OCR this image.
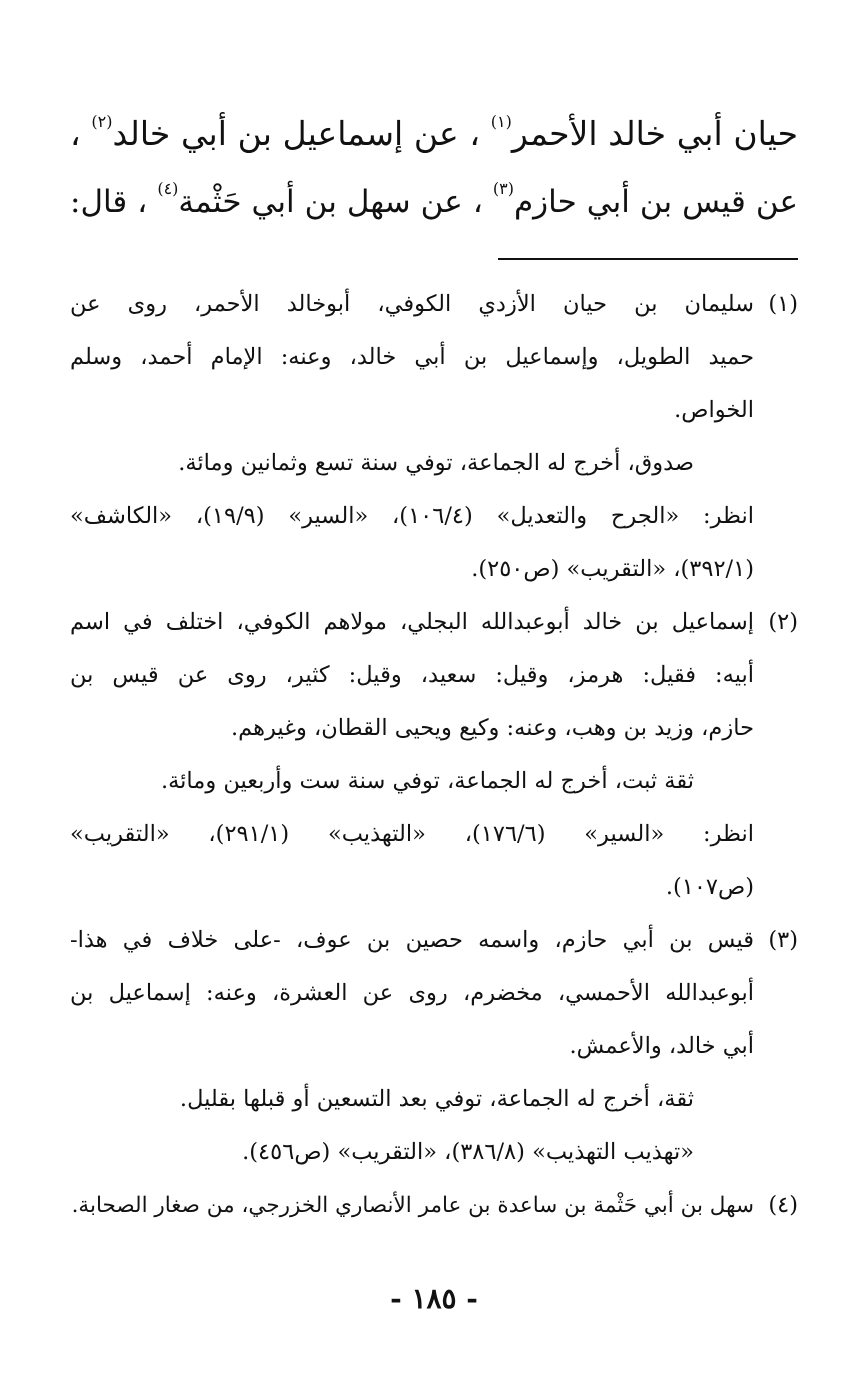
حيان أبي خالد الأحمر$^{(١)}$ ، عن إسماعيل بن أبي خالد$^{(٢)}$ ،
عن قيس بن أبي حازم$^{(٣)}$ ، عن سهل بن أبي حَثْمة$^{(٤)}$ ، قال:
(١)
سليمان بن حيان الأزدي الكوفي، أبوخالد الأحمر، روى عن
حميد الطويل، وإسماعيل بن أبي خالد، وعنه: الإمام أحمد، وسلم
الخواص.
صدوق، أخرج له الجماعة، توفي سنة تسع وثمانين ومائة.
انظر: «الجرح والتعديل» (١٠٦/٤)، «السير» (١٩/٩)، «الكاشف»
(٣٩٢/١)، «التقريب» (ص٢٥٠).
(٢)
إسماعيل بن خالد أبوعبدالله البجلي، مولاهم الكوفي، اختلف في اسم
أبيه: فقيل: هرمز، وقيل: سعيد، وقيل: كثير، روى عن قيس بن
حازم، وزيد بن وهب، وعنه: وكيع ويحيى القطان، وغيرهم.
ثقة ثبت، أخرج له الجماعة، توفي سنة ست وأربعين ومائة.
انظر: «السير» (١٧٦/٦)، «التهذيب» (٢٩١/١)، «التقريب»
(ص١٠٧).
(٣)
قيس بن أبي حازم، واسمه حصين بن عوف، -على خلاف في هذا-
أبوعبدالله الأحمسي، مخضرم، روى عن العشرة، وعنه: إسماعيل بن
أبي خالد، والأعمش.
ثقة، أخرج له الجماعة، توفي بعد التسعين أو قبلها بقليل.
«تهذيب التهذيب» (٣٨٦/٨)، «التقريب» (ص٤٥٦).
(٤)
سهل بن أبي حَثْمة بن ساعدة بن عامر الأنصاري الخزرجي، من صغار الصحابة.
- ١٨٥ -
